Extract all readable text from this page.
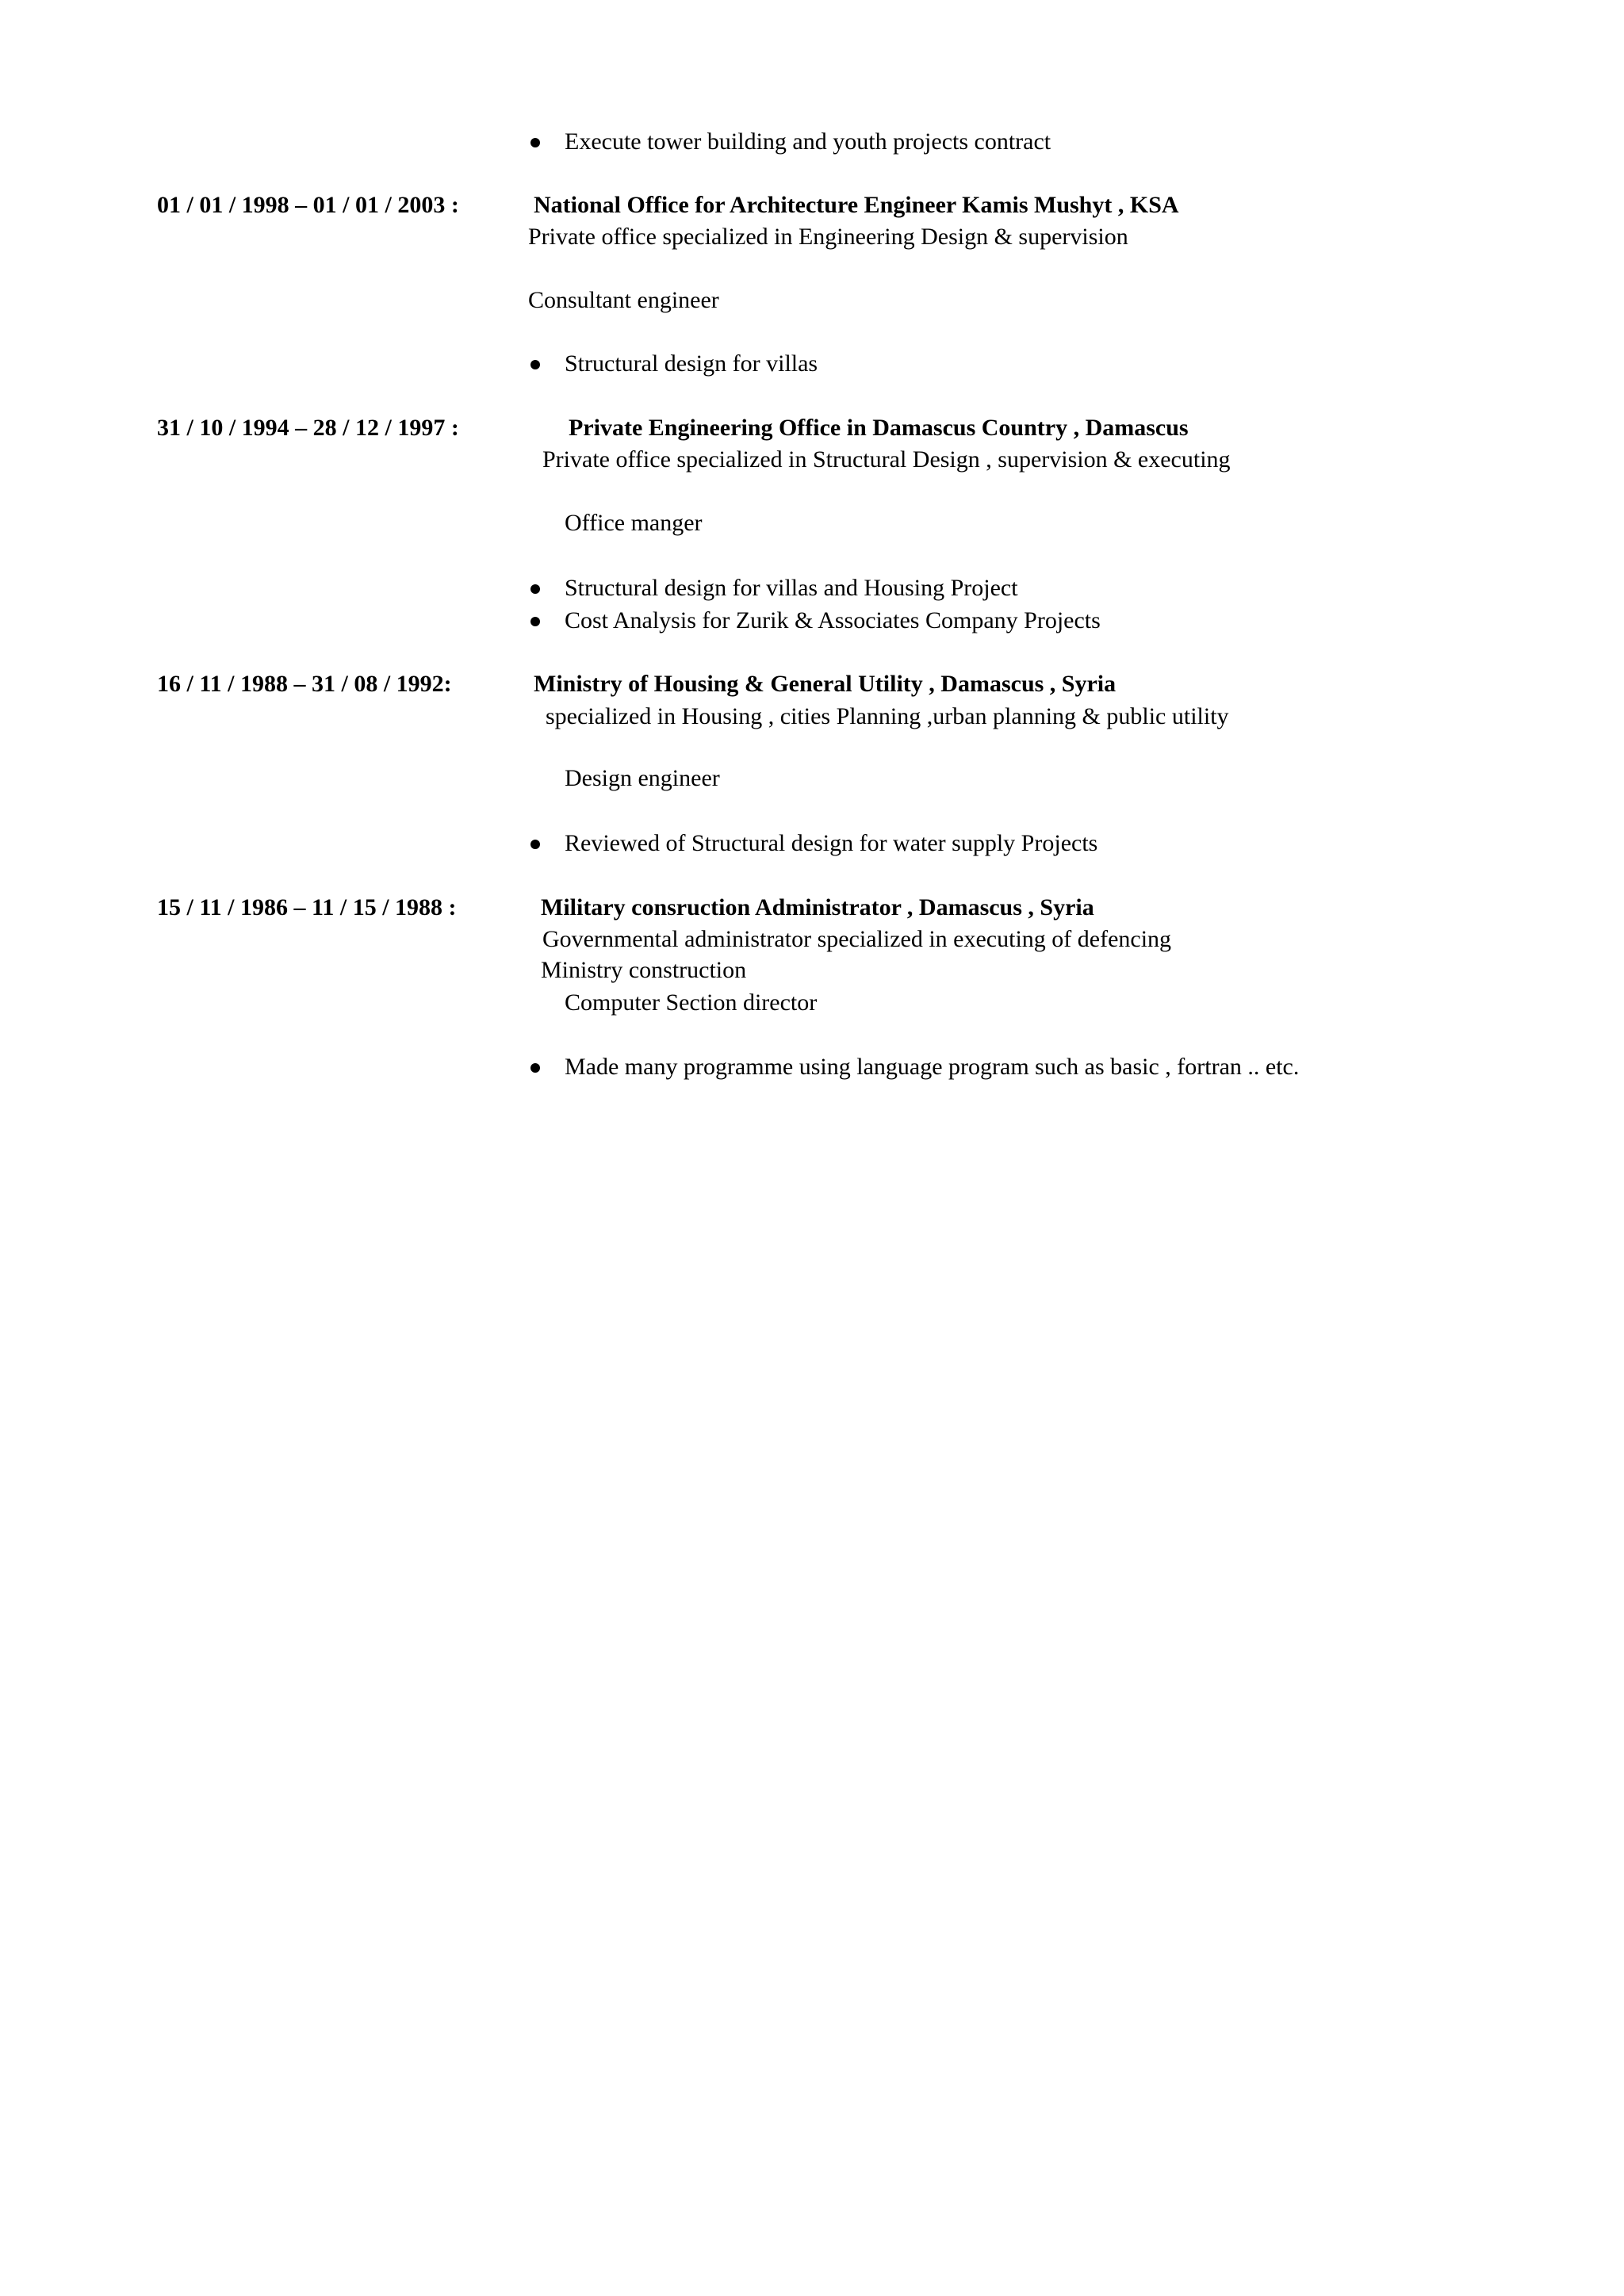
Execute tower building and youth projects contract
01 / 01 / 1998 – 01 / 01 / 2003 :	National Office for Architecture Engineer Kamis Mushyt , KSA
Private office specialized in Engineering Design & supervision
Consultant engineer
Structural design for villas
31 / 10 / 1994 – 28 / 12 / 1997 :	Private Engineering Office in Damascus Country , Damascus
Private office specialized in Structural Design , supervision & executing
Office manger
Structural design for villas and Housing Project
Cost Analysis for Zurik & Associates Company Projects
16 / 11 / 1988 – 31 / 08 / 1992:	Ministry of Housing & General Utility , Damascus , Syria
specialized in Housing , cities Planning ,urban planning & public utility
Design engineer
Reviewed of Structural design for water supply Projects
15 / 11 / 1986 – 11 / 15 / 1988 :	Military consruction Administrator , Damascus , Syria
Governmental administrator specialized in executing of defencing
Ministry construction
Computer Section director
Made many programme using language program such as basic , fortran .. etc.
